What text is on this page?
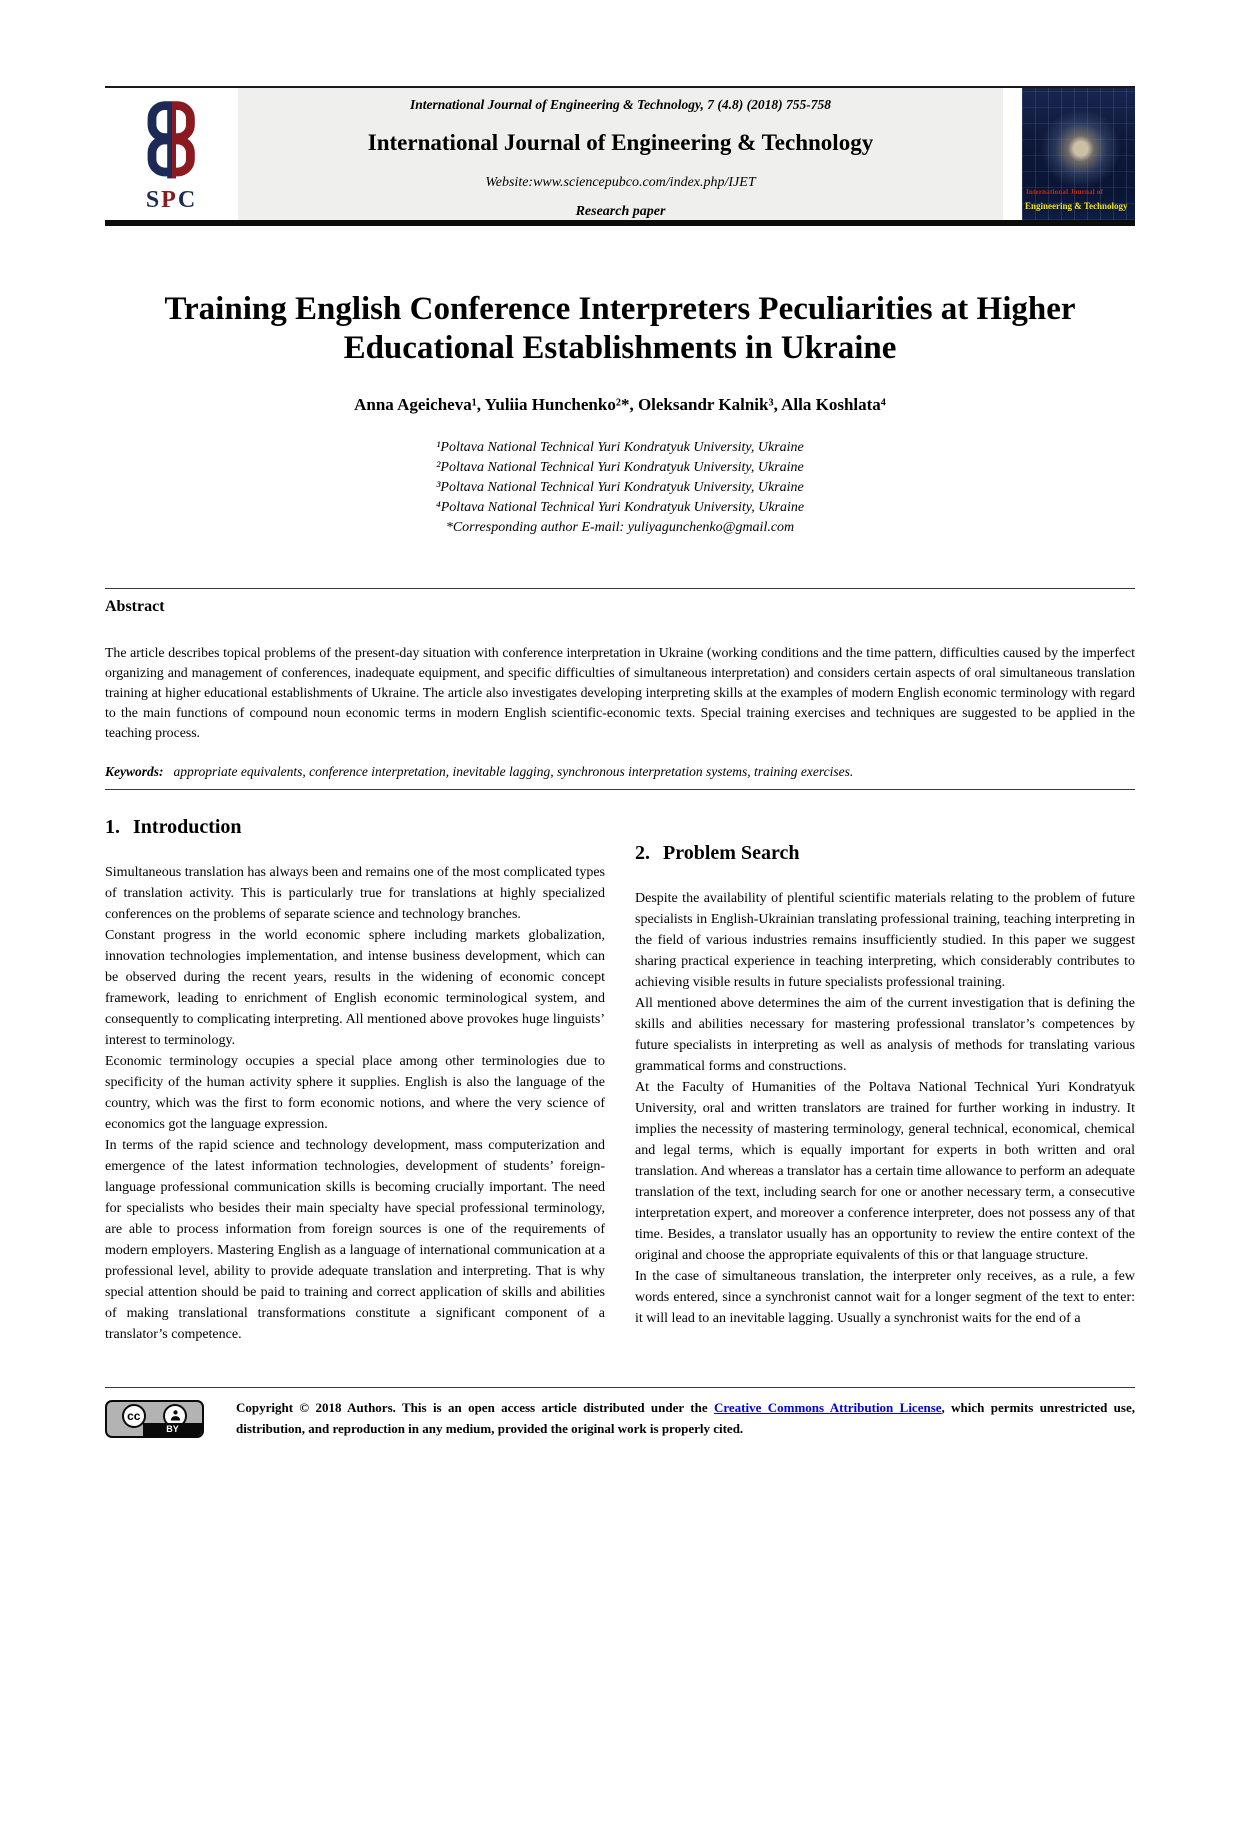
SPC
International Journal of Engineering & Technology, 7 (4.8) (2018) 755-758
International Journal of Engineering & Technology
Website:www.sciencepubco.com/index.php/IJET
Research paper
International Journal of
Engineering & Technology
Training English Conference Interpreters Peculiarities at Higher Educational Establishments in Ukraine
Anna Ageicheva¹, Yuliia Hunchenko²*, Oleksandr Kalnik³, Alla Koshlata⁴
¹Poltava National Technical Yuri Kondratyuk University, Ukraine
²Poltava National Technical Yuri Kondratyuk University, Ukraine
³Poltava National Technical Yuri Kondratyuk University, Ukraine
⁴Poltava National Technical Yuri Kondratyuk University, Ukraine
*Corresponding author E-mail: yuliyagunchenko@gmail.com
Abstract

The article describes topical problems of the present-day situation with conference interpretation in Ukraine (working conditions and the time pattern, difficulties caused by the imperfect organizing and management of conferences, inadequate equipment, and specific difficulties of simultaneous interpretation) and considers certain aspects of oral simultaneous translation training at higher educational establishments of Ukraine. The article also investigates developing interpreting skills at the examples of modern English economic terminology with regard to the main functions of compound noun economic terms in modern English scientific-economic texts. Special training exercises and techniques are suggested to be applied in the teaching process.

Keywords: appropriate equivalents, conference interpretation, inevitable lagging, synchronous interpretation systems, training exercises.

1. Introduction

Simultaneous translation has always been and remains one of the most complicated types of translation activity. This is particularly true for translations at highly specialized conferences on the problems of separate science and technology branches.

Constant progress in the world economic sphere including markets globalization, innovation technologies implementation, and intense business development, which can be observed during the recent years, results in the widening of economic concept framework, leading to enrichment of English economic terminological system, and consequently to complicating interpreting. All mentioned above provokes huge linguists’ interest to terminology.

Economic terminology occupies a special place among other terminologies due to specificity of the human activity sphere it supplies. English is also the language of the country, which was the first to form economic notions, and where the very science of economics got the language expression.

In terms of the rapid science and technology development, mass computerization and emergence of the latest information technologies, development of students’ foreign-language professional communication skills is becoming crucially important. The need for specialists who besides their main specialty have special professional terminology, are able to process information from foreign sources is one of the requirements of modern employers. Mastering English as a language of international communication at a professional level, ability to provide adequate translation and interpreting. That is why special attention should be paid to training and correct application of skills and abilities of making translational transformations constitute a significant component of a translator’s competence.

2. Problem Search

Despite the availability of plentiful scientific materials relating to the problem of future specialists in English-Ukrainian translating professional training, teaching interpreting in the field of various industries remains insufficiently studied. In this paper we suggest sharing practical experience in teaching interpreting, which considerably contributes to achieving visible results in future specialists professional training.

All mentioned above determines the aim of the current investigation that is defining the skills and abilities necessary for mastering professional translator’s competences by future specialists in interpreting as well as analysis of methods for translating various grammatical forms and constructions.

At the Faculty of Humanities of the Poltava National Technical Yuri Kondratyuk University, oral and written translators are trained for further working in industry. It implies the necessity of mastering terminology, general technical, economical, chemical and legal terms, which is equally important for experts in both written and oral translation. And whereas a translator has a certain time allowance to perform an adequate translation of the text, including search for one or another necessary term, a consecutive interpretation expert, and moreover a conference interpreter, does not possess any of that time. Besides, a translator usually has an opportunity to review the entire context of the original and choose the appropriate equivalents of this or that language structure.

In the case of simultaneous translation, the interpreter only receives, as a rule, a few words entered, since a synchronist cannot wait for a longer segment of the text to enter: it will lead to an inevitable lagging. Usually a synchronist waits for the end of a

cc
BY

Copyright © 2018 Authors. This is an open access article distributed under the Creative Commons Attribution License, which permits unrestricted use, distribution, and reproduction in any medium, provided the original work is properly cited.
